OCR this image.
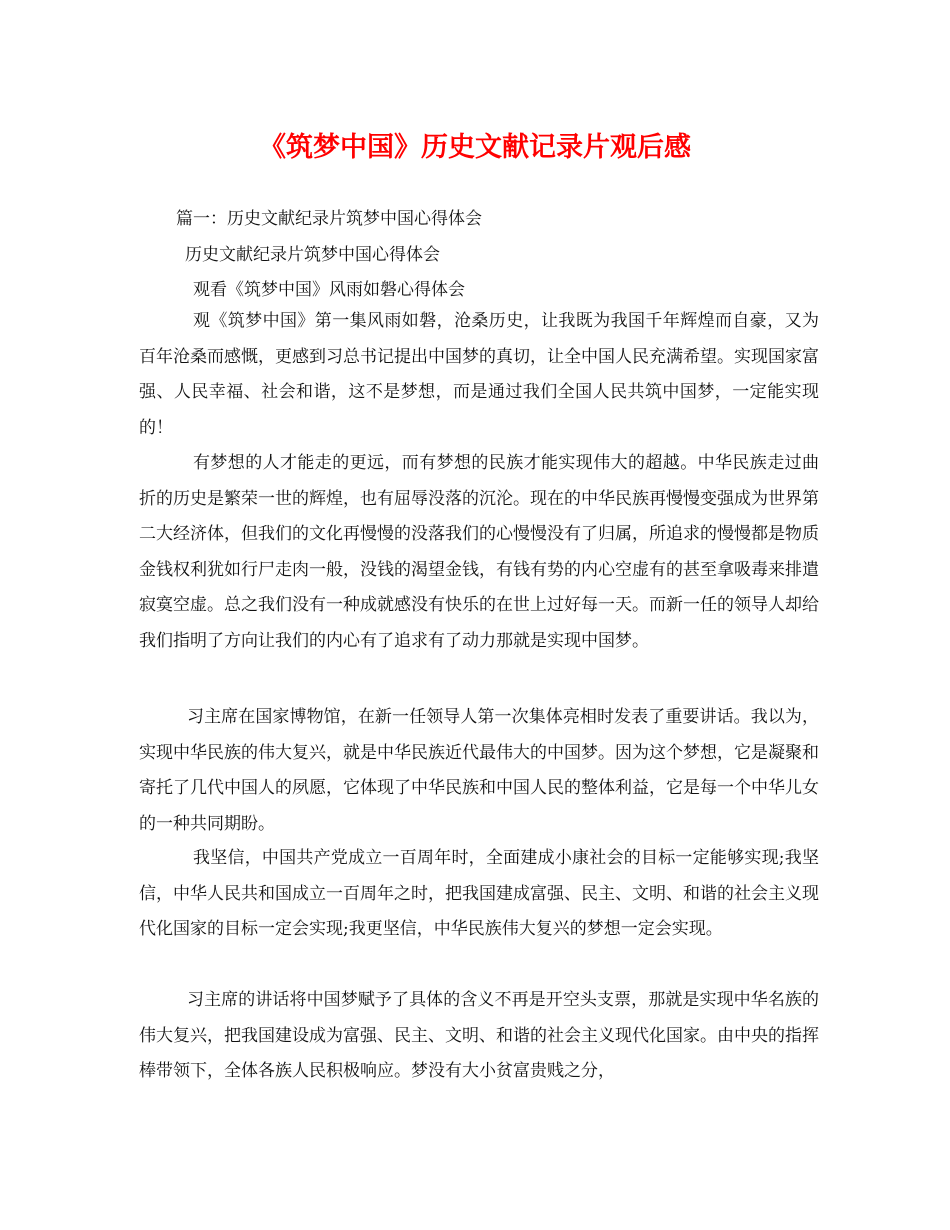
《筑梦中国》历史文献记录片观后感

篇一：历史文献纪录片筑梦中国心得体会

历史文献纪录片筑梦中国心得体会

观看《筑梦中国》风雨如磐心得体会

观《筑梦中国》第一集风雨如磐，沧桑历史，让我既为我国千年辉煌而自豪，又为百年沧桑而感慨，更感到习总书记提出中国梦的真切，让全中国人民充满希望。实现国家富强、人民幸福、社会和谐，这不是梦想，而是通过我们全国人民共筑中国梦，一定能实现的！

有梦想的人才能走的更远，而有梦想的民族才能实现伟大的超越。中华民族走过曲折的历史是繁荣一世的辉煌，也有屈辱没落的沉沦。现在的中华民族再慢慢变强成为世界第二大经济体，但我们的文化再慢慢的没落我们的心慢慢没有了归属，所追求的慢慢都是物质金钱权利犹如行尸走肉一般，没钱的渴望金钱，有钱有势的内心空虚有的甚至拿吸毒来排遣寂寞空虚。总之我们没有一种成就感没有快乐的在世上过好每一天。而新一任的领导人却给我们指明了方向让我们的内心有了追求有了动力那就是实现中国梦。

习主席在国家博物馆，在新一任领导人第一次集体亮相时发表了重要讲话。我以为，实现中华民族的伟大复兴，就是中华民族近代最伟大的中国梦。因为这个梦想，它是凝聚和寄托了几代中国人的夙愿，它体现了中华民族和中国人民的整体利益，它是每一个中华儿女的一种共同期盼。

我坚信，中国共产党成立一百周年时，全面建成小康社会的目标一定能够实现;我坚信，中华人民共和国成立一百周年之时，把我国建成富强、民主、文明、和谐的社会主义现代化国家的目标一定会实现;我更坚信，中华民族伟大复兴的梦想一定会实现。

习主席的讲话将中国梦赋予了具体的含义不再是开空头支票，那就是实现中华名族的伟大复兴，把我国建设成为富强、民主、文明、和谐的社会主义现代化国家。由中央的指挥棒带领下，全体各族人民积极响应。梦没有大小贫富贵贱之分，
